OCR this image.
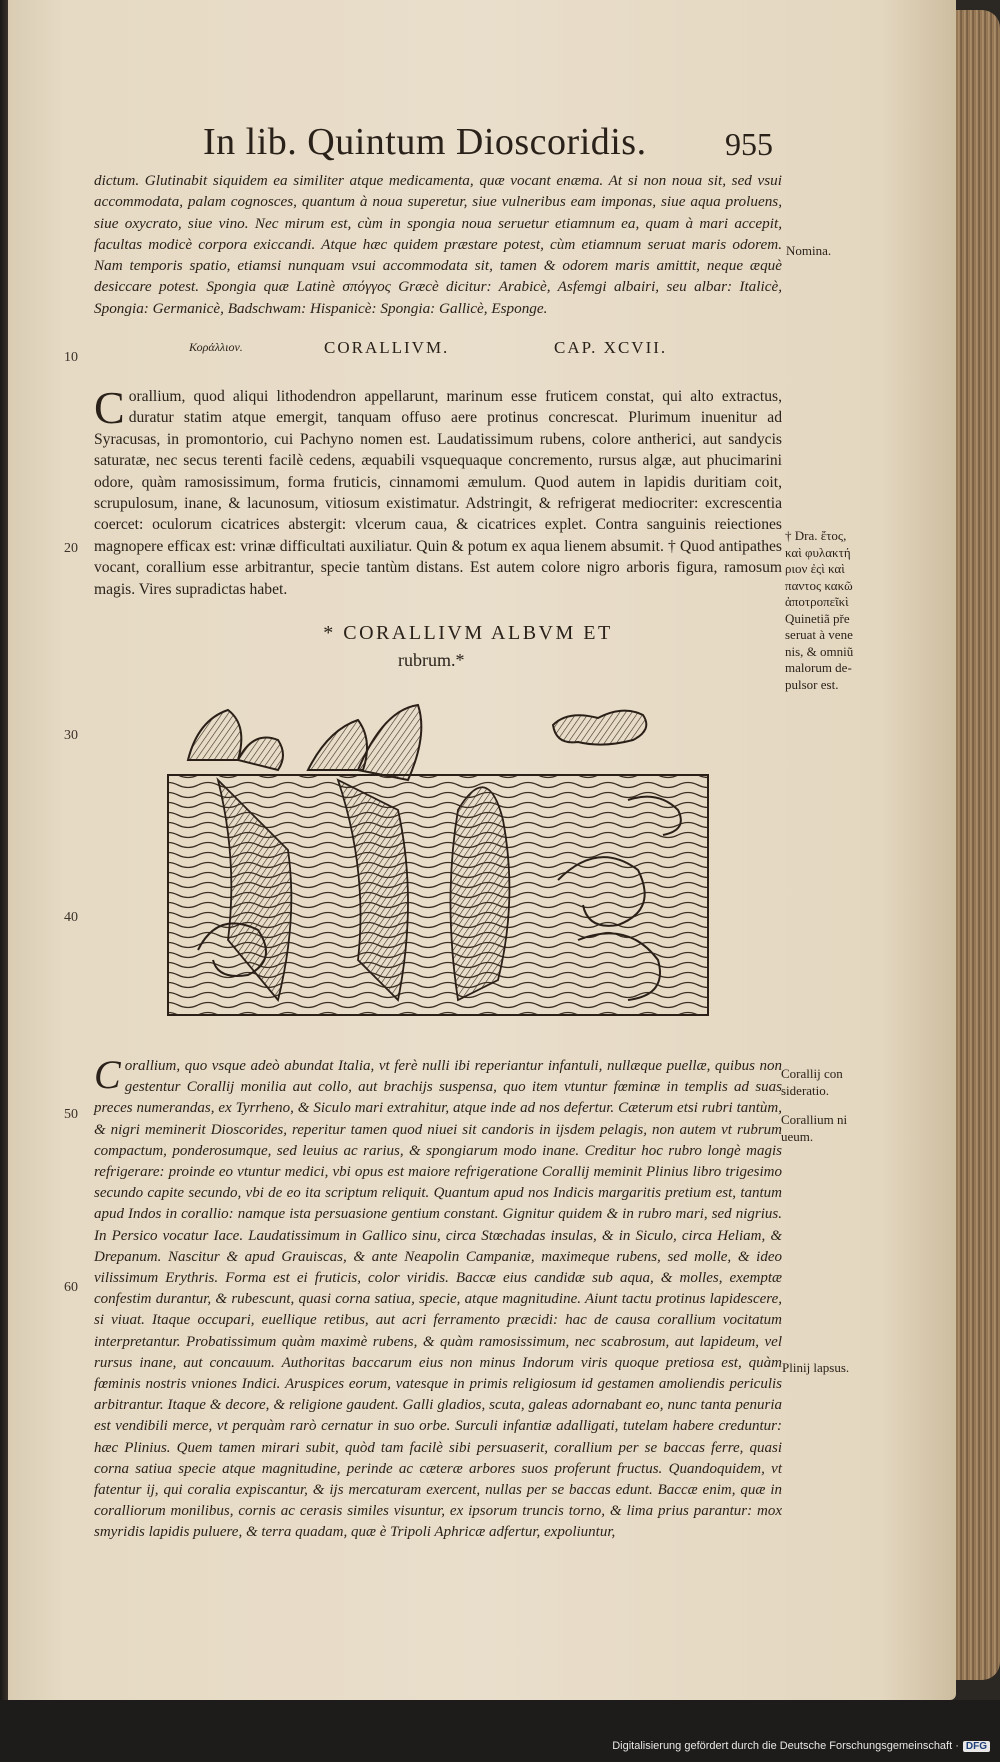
In lib. Quintum Dioscoridis. 955

dictum. Glutinabit siquidem ea similiter atque medicamenta, quæ vocant enæma. At si non noua sit, sed vsui accommodata, palam cognosces, quantum à noua superetur, siue vulneribus eam imponas, siue aqua proluens, siue oxycrato, siue vino. Nec mirum est, cùm in spongia noua seruetur etiamnum ea, quam à mari accepit, facultas modicè corpora exiccandi. Atque hæc quidem præstare potest, cùm etiamnum seruat maris odorem. Nam temporis spatio, etiamsi nunquam vsui accommodata sit, tamen & odorem maris amittit, neque æquè desiccare potest. Spongia quæ Latinè σπόγγος Græcè dicitur: Arabicè, Asfemgi albairi, seu albar: Italicè, Spongia: Germanicè, Badschwam: Hispanicè: Spongia: Gallicè, Esponge.

Nomina.
10
Κοράλλιον.	CORALLIVM.	CAP. XCVII.
C orallium, quod aliqui lithodendron appellarunt, marinum esse fruticem constat, qui alto extractus, duratur statim atque emergit, tanquam offuso aere protinus concrescat. Plurimum inuenitur ad Syracusas, in promontorio, cui Pachyno nomen est. Laudatissimum rubens, colore antherici, aut sandycis saturatæ, nec secus terenti facilè cedens, æquabili vsquequaque concremento, rursus algæ, aut phucimarini odore, quàm ramosissimum, forma fruticis, cinnamomi æmulum. Quod autem in lapidis duritiam coit, scrupulosum, inane, & lacunosum, vitiosum existimatur. Adstringit, & refrigerat mediocriter: excrescentia coercet: oculorum cicatrices abstergit: vlcerum caua, & cicatrices explet. Contra sanguinis reiectiones magnopere efficax est: vrinæ difficultati auxiliatur. Quin & potum ex aqua lienem absumit. † Quod antipathes vocant, corallium esse arbitrantur, specie tantùm distans. Est autem colore nigro arboris figura, ramosum magis. Vires supradictas habet.

20
† Dra. ἔτος,
καὶ φυλακτή
ριον ἐςὶ καὶ
παντος κακῶ
ἀποτροπεῖκὶ
Quinetiã pře
seruat à vene
nis, & omniũ
malorum de-
pulsor est.
* CORALLIVM ALBVM ET
rubrum.*
30
40
50
60
C orallium, quo vsque adeò abundat Italia, vt ferè nulli ibi reperiantur infantuli, nullæque puellæ, quibus non gestentur Corallij monilia aut collo, aut brachijs suspensa, quo item vtuntur fœminæ in templis ad suas preces numerandas, ex Tyrrheno, & Siculo mari extrahitur, atque inde ad nos defertur. Cæterum etsi rubri tantùm, & nigri meminerit Dioscorides, reperitur tamen quod niuei sit candoris in ijsdem pelagis, non autem vt rubrum compactum, ponderosumque, sed leuius ac rarius, & spongiarum modo inane. Creditur hoc rubro longè magis refrigerare: proinde eo vtuntur medici, vbi opus est maiore refrigeratione Corallij meminit Plinius libro trigesimo secundo capite secundo, vbi de eo ita scriptum reliquit. Quantum apud nos Indicis margaritis pretium est, tantum apud Indos in corallio: namque ista persuasione gentium constant. Gignitur quidem & in rubro mari, sed nigrius. In Persico vocatur Iace. Laudatissimum in Gallico sinu, circa Stœchadas insulas, & in Siculo, circa Heliam, & Drepanum. Nascitur & apud Grauiscas, & ante Neapolin Campaniæ, maximeque rubens, sed molle, & ideo vilissimum Erythris. Forma est ei fruticis, color viridis. Baccæ eius candidæ sub aqua, & molles, exemptæ confestim durantur, & rubescunt, quasi corna satiua, specie, atque magnitudine. Aiunt tactu protinus lapidescere, si viuat. Itaque occupari, euellique retibus, aut acri ferramento præcidi: hac de causa corallium vocitatum interpretantur. Probatissimum quàm maximè rubens, & quàm ramosissimum, nec scabrosum, aut lapideum, vel rursus inane, aut concauum. Authoritas baccarum eius non minus Indorum viris quoque pretiosa est, quàm fœminis nostris vniones Indici. Aruspices eorum, vatesque in primis religiosum id gestamen amoliendis periculis arbitrantur. Itaque & decore, & religione gaudent. Galli gladios, scuta, galeas adornabant eo, nunc tanta penuria est vendibili merce, vt perquàm rarò cernatur in suo orbe. Surculi infantiæ adalligati, tutelam habere creduntur: hæc Plinius. Quem tamen mirari subit, quòd tam facilè sibi persuaserit, corallium per se baccas ferre, quasi corna satiua specie atque magnitudine, perinde ac cæteræ arbores suos proferunt fructus. Quandoquidem, vt fatentur ij, qui coralia expiscantur, & ijs mercaturam exercent, nullas per se baccas edunt. Baccæ enim, quæ in coralliorum monilibus, cornis ac cerasis similes visuntur, ex ipsorum truncis torno, & lima prius parantur: mox smyridis lapidis puluere, & terra quadam, quæ è Tripoli Aphricæ adfertur, expoliuntur,

Corallij con
sideratio.
Corallium ni
ueum.
Plinij lapsus.
Digitalisierung gefördert durch die Deutsche Forschungsgemeinschaft · DFG
